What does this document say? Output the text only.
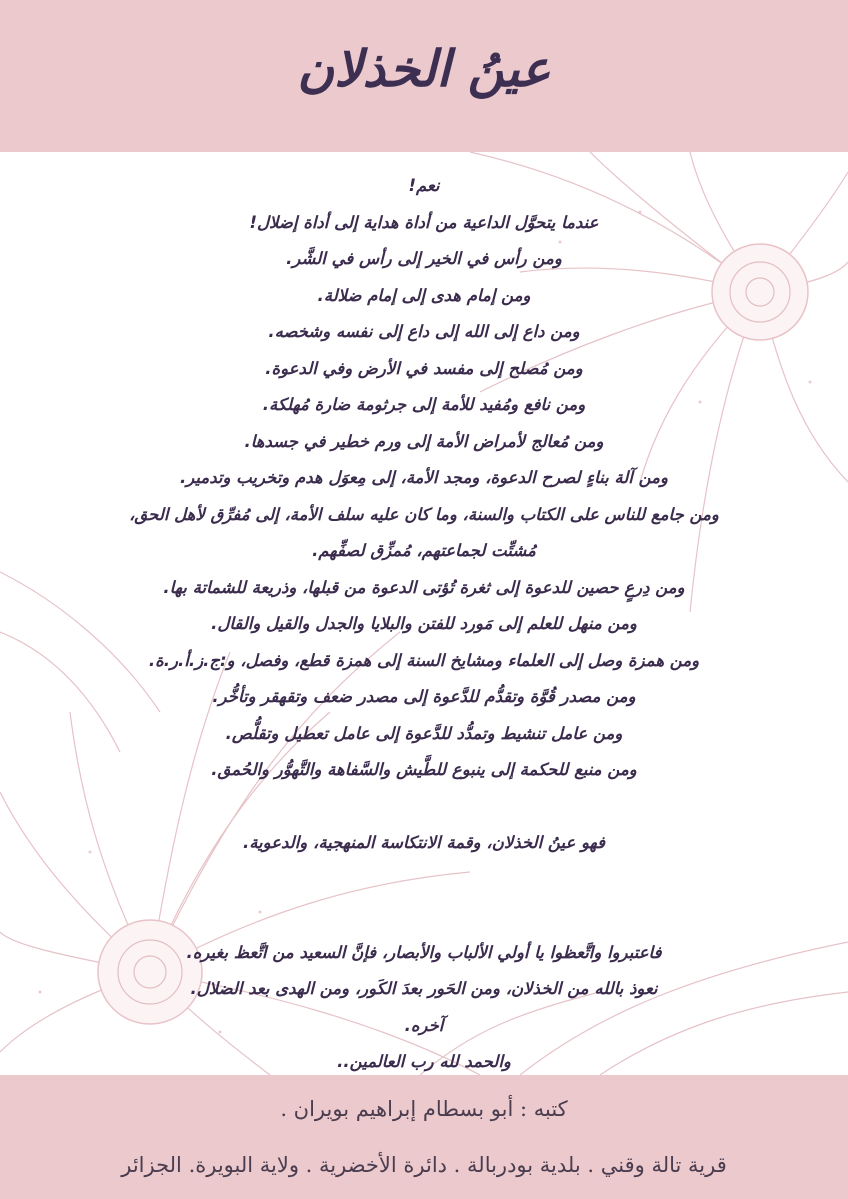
عينُ الخذلان
نعم!
عندما يتحوَّل الداعية من أداة هداية إلى أداة إضلال!
ومن رأس في الخير إلى رأس في الشَّر.
ومن إمام هدى إلى إمام ضلالة.
ومن داع إلى الله إلى داع إلى نفسه وشخصه.
ومن مُصلح إلى مفسد في الأرض وفي الدعوة.
ومن نافع ومُفيد للأمة إلى جرثومة ضارة مُهلكة.
ومن مُعالج لأمراض الأمة إلى ورم خطير في جسدها.
ومن آلة بناءٍ لصرح الدعوة، ومجد الأمة، إلى مِعوَل هدم وتخريب وتدمير.
ومن جامع للناس على الكتاب والسنة، وما كان عليه سلف الأمة، إلى مُفرِّق لأهل الحق،
مُشتِّت لجماعتهم، مُمزِّق لصفِّهم.
ومن دِرعٍ حصين للدعوة إلى ثغرة تُؤتى الدعوة من قبلها، وذريعة للشماتة بها.
ومن منهل للعلم إلى مَورد للفتن والبلايا والجدل والقيل والقال.
ومن همزة وصل إلى العلماء ومشايخ السنة إلى همزة قطع، وفصل، و:ج.ز.أ.ر.ة.
ومن مصدر قُوَّة وتقدُّم للدَّعوة إلى مصدر ضعف وتقهقر وتأخُّر.
ومن عامل تنشيط وتمدُّد للدَّعوة إلى عامل تعطيل وتقلُّص.
ومن منبع للحكمة إلى ينبوع للطَّيش والسَّفاهة والتَّهوُّر والحُمق.
فهو عينُ الخذلان، وقمة الانتكاسة المنهجية، والدعوية.
فاعتبروا واتَّعظوا يا أولي الألباب والأبصار، فإنَّ السعيد من اتَّعظ بغيره.
نعوذ بالله من الخذلان، ومن الحَور بعدَ الكَور، ومن الهدى بعد الضلال.
آخره.
والحمد لله رب العالمين..
كتبه : أبو بسطام إبراهيم بويران .
قرية تالة وقني . بلدية بودربالة . دائرة الأخضرية . ولاية البويرة. الجزائر
